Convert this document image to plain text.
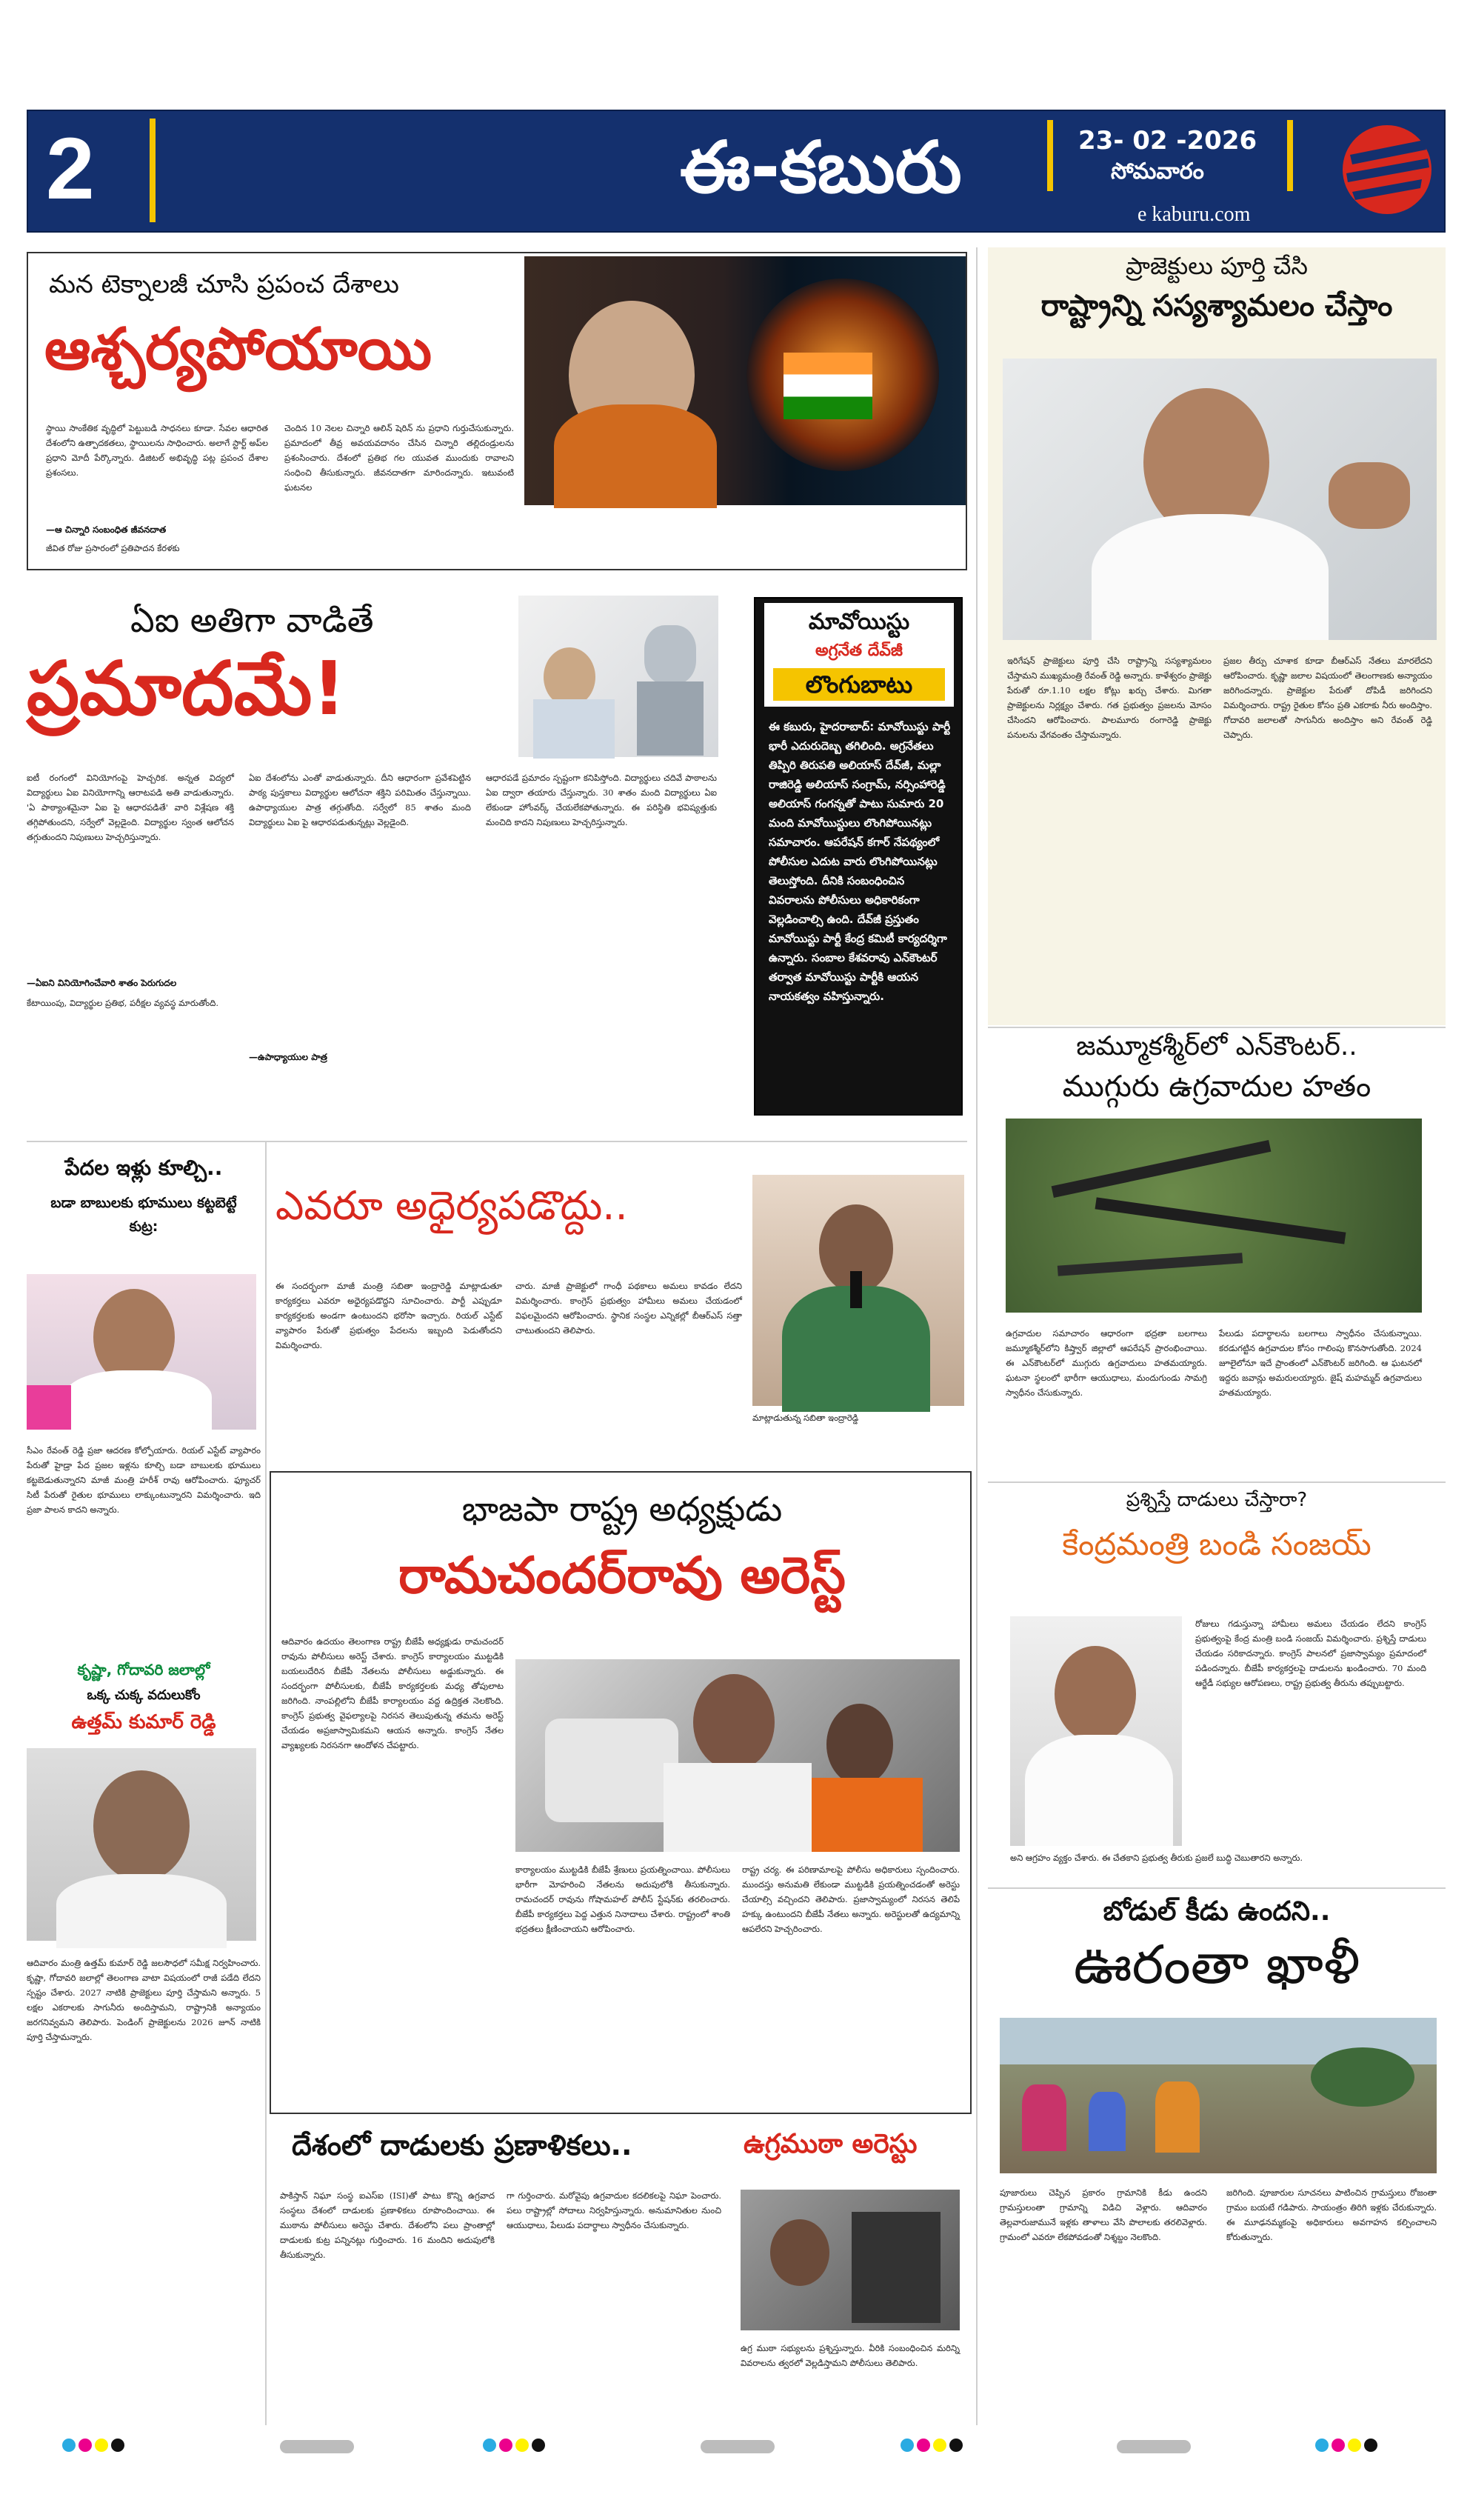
2	ఈ-కబురు
e kaburu.com
23- 02 -2026
సోమవారం
మన టెక్నాలజీ చూసి ప్రపంచ దేశాలు
ఆశ్చర్యపోయాయి
స్థాయి సాంకేతిక వృద్ధిలో పెట్టుబడి సాధనలు కూడా. సేవల ఆధారిత దేశంలోని ఉత్పాదకతలు, స్థాయిలను సాధించారు. అలాగే స్టార్ట్ అప్‌ల ప్రధాని మోదీ పేర్కొన్నారు. డిజిటల్ అభివృద్ధి పట్ల ప్రపంచ దేశాల ప్రశంసలు.
—ఆ చిన్నారి సంబంధిత జీవనదాత
జీవిత రోజు ప్రసారంలో ప్రతిపాదన కేరళకు
చెందిన 10 నెలల చిన్నారి ఆలిన్ షెరిన్ ను ప్రధాని గుర్తుచేసుకున్నారు. ప్రమాదంలో తీవ్ర అవయవదానం చేసిన చిన్నారి తల్లిదండ్రులను ప్రశంసించారు. దేశంలో ప్రతిభ గల యువత ముందుకు రావాలని సంధించి తీసుకున్నారు. జీవనదాతగా మారిందన్నారు. ఇటువంటి ఘటనల
ప్రాజెక్టులు పూర్తి చేసి
రాష్ట్రాన్ని సస్యశ్యామలం చేస్తాం
ఇరిగేషన్ ప్రాజెక్టులు పూర్తి చేసి రాష్ట్రాన్ని సస్యశ్యామలం చేస్తామని ముఖ్యమంత్రి రేవంత్ రెడ్డి అన్నారు. కాళేశ్వరం ప్రాజెక్టు పేరుతో రూ.1.10 లక్షల కోట్లు ఖర్చు చేశారు. మిగతా ప్రాజెక్టులను నిర్లక్ష్యం చేశారు. గత ప్రభుత్వం ప్రజలను మోసం చేసిందని ఆరోపించారు. పాలమూరు రంగారెడ్డి ప్రాజెక్టు పనులను వేగవంతం చేస్తామన్నారు.
ప్రజల తీర్పు చూశాక కూడా బీఆర్ఎస్ నేతలు మారలేదని ఆరోపించారు. కృష్ణా జలాల విషయంలో తెలంగాణకు అన్యాయం జరిగిందన్నారు. ప్రాజెక్టుల పేరుతో దోపిడీ జరిగిందని విమర్శించారు. రాష్ట్ర రైతుల కోసం ప్రతి ఎకరాకు నీరు అందిస్తాం. గోదావరి జలాలతో సాగునీరు అందిస్తాం అని రేవంత్ రెడ్డి చెప్పారు.
ఏఐ అతిగా వాడితే
ప్రమాదమే!
ఐటీ రంగంలో వినియోగంపై హెచ్చరిక. అన్నత విద్యలో విద్యార్థులు ఏఐ వినియోగాన్ని ఆరాటపడి అతి వాడుతున్నారు. 'ఏ పాఠ్యాంశమైనా ఏఐ పై ఆధారపడితే' వారి విశ్లేషణ శక్తి తగ్గిపోతుందని, సర్వేలో వెల్లడైంది. విద్యార్థుల స్వంత ఆలోచన తగ్గుతుందని నిపుణులు హెచ్చరిస్తున్నారు.
—ఏఐని వినియోగించేవారి శాతం పెరుగుదల
కేటాయింపు, విద్యార్థుల ప్రతిభ, పరీక్షల వ్యవస్థ మారుతోంది.
ఏఐ దేశంలోను ఎంతో వాడుతున్నారు. దీని ఆధారంగా ప్రవేశపెట్టిన పాఠ్య పుస్తకాలు విద్యార్థుల ఆలోచనా శక్తిని పరిమితం చేస్తున్నాయి. ఉపాధ్యాయుల పాత్ర తగ్గుతోంది. సర్వేలో 85 శాతం మంది విద్యార్థులు ఏఐ పై ఆధారపడుతున్నట్లు వెల్లడైంది.
—ఉపాధ్యాయుల పాత్ర
ఆధారపడే ప్రమాదం స్పష్టంగా కనిపిస్తోంది. విద్యార్థులు చదివే పాఠాలను ఏఐ ద్వారా తయారు చేస్తున్నారు. 30 శాతం మంది విద్యార్థులు ఏఐ లేకుండా హోంవర్క్ చేయలేకపోతున్నారు. ఈ పరిస్థితి భవిష్యత్తుకు మంచిది కాదని నిపుణులు హెచ్చరిస్తున్నారు.
మావోయిస్టు
అగ్రనేత దేవ్‌జీ
లొంగుబాటు
ఈ కబురు, హైదరాబాద్: మావోయిస్టు పార్టీ భారీ ఎదురుదెబ్బ తగిలింది. అగ్రనేతలు తిప్పిరి తిరుపతి అలియాస్ దేవ్‌జీ, మల్లా రాజిరెడ్డి అలియాస్ సంగ్రామ్, నర్సింహారెడ్డి అలియాస్ గంగన్నతో పాటు సుమారు 20 మంది మావోయిస్టులు లొంగిపోయినట్లు సమాచారం. ఆపరేషన్ కగార్ నేపథ్యంలో పోలీసుల ఎదుట వారు లొంగిపోయినట్లు తెలుస్తోంది. దీనికి సంబంధించిన వివరాలను పోలీసులు అధికారికంగా వెల్లడించాల్సి ఉంది. దేవ్‌జీ ప్రస్తుతం మావోయిస్టు పార్టీ కేంద్ర కమిటీ కార్యదర్శిగా ఉన్నారు. సంబాల కేశవరావు ఎన్‌కౌంటర్ తర్వాత మావోయిస్టు పార్టీకి ఆయన నాయకత్వం వహిస్తున్నారు.
జమ్మూకశ్మీర్‌లో ఎన్‌కౌంటర్..
ముగ్గురు ఉగ్రవాదుల హతం
ఉగ్రవాదుల సమాచారం ఆధారంగా భద్రతా బలగాలు జమ్మూకశ్మీర్‌లోని కిష్త్వార్ జిల్లాలో ఆపరేషన్ ప్రారంభించాయి. ఈ ఎన్‌కౌంటర్‌లో ముగ్గురు ఉగ్రవాదులు హతమయ్యారు. ఘటనా స్థలంలో భారీగా ఆయుధాలు, మందుగుండు సామగ్రి స్వాధీనం చేసుకున్నారు.
పేలుడు పదార్థాలను బలగాలు స్వాధీనం చేసుకున్నాయి. కరడుగట్టిన ఉగ్రవాదుల కోసం గాలింపు కొనసాగుతోంది. 2024 జూలైలోనూ ఇదే ప్రాంతంలో ఎన్‌కౌంటర్ జరిగింది. ఆ ఘటనలో ఇద్దరు జవాన్లు అమరులయ్యారు. జైష్ మహమ్మద్ ఉగ్రవాదులు హతమయ్యారు.
పేదల ఇళ్లు కూల్చి..
బడా బాబులకు భూములు కట్టబెట్టే కుట్ర:
సీఎం రేవంత్ రెడ్డి ప్రజా ఆదరణ కోల్పోయారు. రియల్ ఎస్టేట్ వ్యాపారం పేరుతో హైడ్రా పేద ప్రజల ఇళ్లను కూల్చి బడా బాబులకు భూములు కట్టబెడుతున్నారని మాజీ మంత్రి హరీశ్ రావు ఆరోపించారు. ఫ్యూచర్ సిటీ పేరుతో రైతుల భూములు లాక్కుంటున్నారని విమర్శించారు. ఇది ప్రజా పాలన కాదని అన్నారు.
కృష్ణా, గోదావరి జలాల్లో
ఒక్క చుక్క వదులుకోం
ఉత్తమ్ కుమార్ రెడ్డి
ఆదివారం మంత్రి ఉత్తమ్ కుమార్ రెడ్డి జలసౌధలో సమీక్ష నిర్వహించారు. కృష్ణా, గోదావరి జలాల్లో తెలంగాణ వాటా విషయంలో రాజీ పడేది లేదని స్పష్టం చేశారు. 2027 నాటికి ప్రాజెక్టులు పూర్తి చేస్తామని అన్నారు. 5 లక్షల ఎకరాలకు సాగునీరు అందిస్తామని, రాష్ట్రానికి అన్యాయం జరగనివ్వమని తెలిపారు. పెండింగ్ ప్రాజెక్టులను 2026 జూన్ నాటికి పూర్తి చేస్తామన్నారు.
ఎవరూ అధైర్యపడొద్దు..
ఈ సందర్భంగా మాజీ మంత్రి సబితా ఇంద్రారెడ్డి మాట్లాడుతూ కార్యకర్తలు ఎవరూ అధైర్యపడొద్దని సూచించారు. పార్టీ ఎప్పుడూ కార్యకర్తలకు అండగా ఉంటుందని భరోసా ఇచ్చారు. రియల్ ఎస్టేట్ వ్యాపారం పేరుతో ప్రభుత్వం పేదలను ఇబ్బంది పెడుతోందని విమర్శించారు.
చారు. మాజీ ప్రాజెక్టులో గాంధీ పథకాలు అమలు కావడం లేదని విమర్శించారు. కాంగ్రెస్ ప్రభుత్వం హామీలు అమలు చేయడంలో విఫలమైందని ఆరోపించారు. స్థానిక సంస్థల ఎన్నికల్లో బీఆర్ఎస్ సత్తా చాటుతుందని తెలిపారు.
మాట్లాడుతున్న సబితా ఇంద్రారెడ్డి
భాజపా రాష్ట్ర అధ్యక్షుడు
రామచందర్‌రావు అరెస్ట్
ఆదివారం ఉదయం తెలంగాణ రాష్ట్ర బీజేపీ అధ్యక్షుడు రామచందర్ రావును పోలీసులు అరెస్ట్ చేశారు. కాంగ్రెస్ కార్యాలయం ముట్టడికి బయలుదేరిన బీజేపీ నేతలను పోలీసులు అడ్డుకున్నారు. ఈ సందర్భంగా పోలీసులకు, బీజేపీ కార్యకర్తలకు మధ్య తోపులాట జరిగింది. నాంపల్లిలోని బీజేపీ కార్యాలయం వద్ద ఉద్రిక్తత నెలకొంది. కాంగ్రెస్ ప్రభుత్వ వైఫల్యాలపై నిరసన తెలుపుతున్న తమను అరెస్ట్ చేయడం అప్రజాస్వామికమని ఆయన అన్నారు. కాంగ్రెస్ నేతల వ్యాఖ్యలకు నిరసనగా ఆందోళన చేపట్టారు.
కార్యాలయం ముట్టడికి బీజేపీ శ్రేణులు ప్రయత్నించాయి. పోలీసులు భారీగా మోహరించి నేతలను అదుపులోకి తీసుకున్నారు. రామచందర్ రావును గోషామహల్ పోలీస్ స్టేషన్‌కు తరలించారు. బీజేపీ కార్యకర్తలు పెద్ద ఎత్తున నినాదాలు చేశారు. రాష్ట్రంలో శాంతి భద్రతలు క్షీణించాయని ఆరోపించారు.
రాష్ట్ర చర్య. ఈ పరిణామాలపై పోలీసు అధికారులు స్పందించారు. ముందస్తు అనుమతి లేకుండా ముట్టడికి ప్రయత్నించడంతో అరెస్టు చేయాల్సి వచ్చిందని తెలిపారు. ప్రజాస్వామ్యంలో నిరసన తెలిపే హక్కు ఉంటుందని బీజేపీ నేతలు అన్నారు. అరెస్టులతో ఉద్యమాన్ని ఆపలేరని హెచ్చరించారు.
ప్రశ్నిస్తే దాడులు చేస్తారా?
కేంద్రమంత్రి బండి సంజయ్
రోజులు గడుస్తున్నా హామీలు అమలు చేయడం లేదని కాంగ్రెస్ ప్రభుత్వంపై కేంద్ర మంత్రి బండి సంజయ్ విమర్శించారు. ప్రశ్నిస్తే దాడులు చేయడం సరికాదన్నారు. కాంగ్రెస్ పాలనలో ప్రజాస్వామ్యం ప్రమాదంలో పడిందన్నారు. బీజేపీ కార్యకర్తలపై దాడులను ఖండించారు. 70 మంది ఆర్జేడీ సభ్యుల ఆరోపణలు, రాష్ట్ర ప్రభుత్వ తీరును తప్పుబట్టారు.
అని ఆగ్రహం వ్యక్తం చేశారు. ఈ చేతకాని ప్రభుత్వ తీరుకు ప్రజలే బుద్ధి చెబుతారని అన్నారు.
బోడుల్ కీడు ఉందని..
ఊరంతా ఖాళీ
పూజారులు చెప్పిన ప్రకారం గ్రామానికి కీడు ఉందని గ్రామస్తులంతా గ్రామాన్ని విడిచి వెళ్లారు. ఆదివారం తెల్లవారుజామునే ఇళ్లకు తాళాలు వేసి పొలాలకు తరలివెళ్లారు. గ్రామంలో ఎవరూ లేకపోవడంతో నిశ్శబ్దం నెలకొంది.
జరిగింది. పూజారుల సూచనలు పాటించిన గ్రామస్తులు రోజంతా గ్రామం బయటే గడిపారు. సాయంత్రం తిరిగి ఇళ్లకు చేరుకున్నారు. ఈ మూఢనమ్మకంపై అధికారులు అవగాహన కల్పించాలని కోరుతున్నారు.
దేశంలో దాడులకు ప్రణాళికలు..	ఉగ్రముఠా అరెస్టు
పాకిస్తాన్ నిఘా సంస్థ ఐఎస్ఐ (ISI)తో పాటు కొన్ని ఉగ్రవాద సంస్థలు దేశంలో దాడులకు ప్రణాళికలు రూపొందించాయి. ఈ ముఠాను పోలీసులు అరెస్టు చేశారు. దేశంలోని పలు ప్రాంతాల్లో దాడులకు కుట్ర పన్నినట్లు గుర్తించారు. 16 మందిని అదుపులోకి తీసుకున్నారు.
గా గుర్తించారు. మరోవైపు ఉగ్రవాదుల కదలికలపై నిఘా పెంచారు. పలు రాష్ట్రాల్లో సోదాలు నిర్వహిస్తున్నారు. అనుమానితుల నుంచి ఆయుధాలు, పేలుడు పదార్థాలు స్వాధీనం చేసుకున్నారు.
ఉగ్ర ముఠా సభ్యులను ప్రశ్నిస్తున్నారు. వీరికి సంబంధించిన మరిన్ని వివరాలను త్వరలో వెల్లడిస్తామని పోలీసులు తెలిపారు.
